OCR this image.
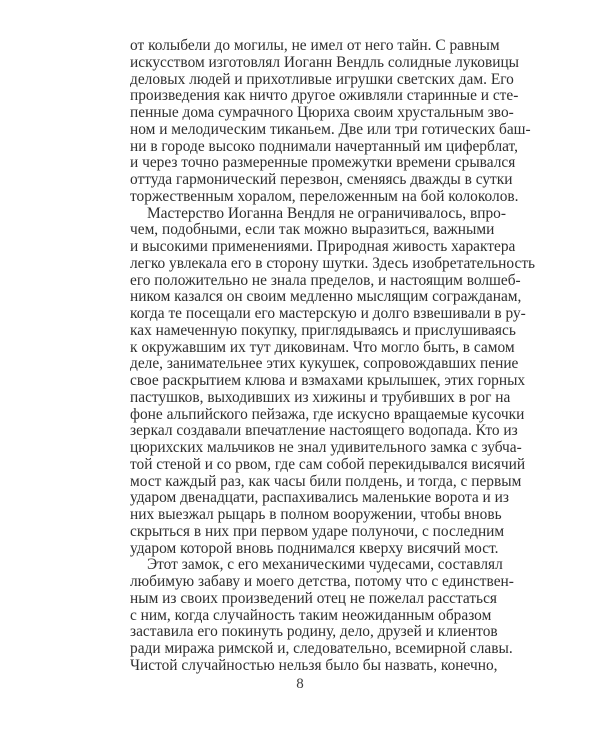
от колыбели до могилы, не имел от него тайн. С равным
искусством изготовлял Иоганн Вендль солидные луковицы
деловых людей и прихотливые игрушки светских дам. Его
произведения как ничто другое оживляли старинные и сте-
пенные дома сумрачного Цюриха своим хрустальным зво-
ном и мелодическим тиканьем. Две или три готических баш-
ни в городе высоко поднимали начертанный им циферблат,
и через точно размеренные промежутки времени срывался
оттуда гармонический перезвон, сменяясь дважды в сутки
торжественным хоралом, переложенным на бой колоколов.
Мастерство Иоганна Вендля не ограничивалось, впро-
чем, подобными, если так можно выразиться, важными
и высокими применениями. Природная живость характера
легко увлекала его в сторону шутки. Здесь изобретательность
его положительно не знала пределов, и настоящим волшеб-
ником казался он своим медленно мыслящим согражданам,
когда те посещали его мастерскую и долго взвешивали в ру-
ках намеченную покупку, приглядываясь и прислушиваясь
к окружавшим их тут диковинам. Что могло быть, в самом
деле, занимательнее этих кукушек, сопровождавших пение
свое раскрытием клюва и взмахами крылышек, этих горных
пастушков, выходивших из хижины и трубивших в рог на
фоне альпийского пейзажа, где искусно вращаемые кусочки
зеркал создавали впечатление настоящего водопада. Кто из
цюрихских мальчиков не знал удивительного замка с зубча-
той стеной и со рвом, где сам собой перекидывался висячий
мост каждый раз, как часы били полдень, и тогда, с первым
ударом двенадцати, распахивались маленькие ворота и из
них выезжал рыцарь в полном вооружении, чтобы вновь
скрыться в них при первом ударе полуночи, с последним
ударом которой вновь поднимался кверху висячий мост.
Этот замок, с его механическими чудесами, составлял
любимую забаву и моего детства, потому что с единствен-
ным из своих произведений отец не пожелал расстаться
с ним, когда случайность таким неожиданным образом
заставила его покинуть родину, дело, друзей и клиентов
ради миража римской и, следовательно, всемирной славы.
Чистой случайностью нельзя было бы назвать, конечно,
8
